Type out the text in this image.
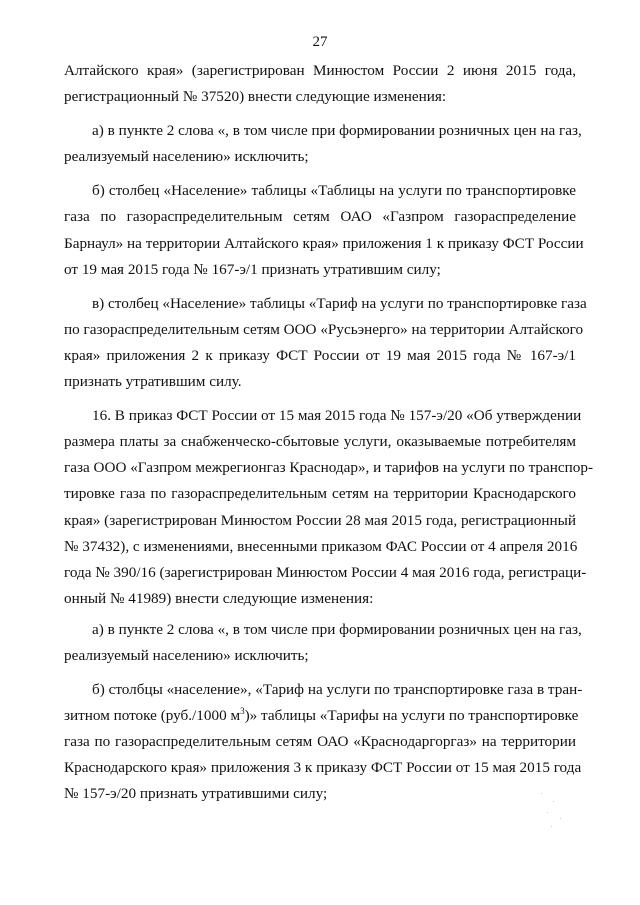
27
Алтайского края» (зарегистрирован Минюстом России 2 июня 2015 года,
регистрационный № 37520) внести следующие изменения:
а) в пункте 2 слова «, в том числе при формировании розничных цен на газ,
реализуемый населению» исключить;
б) столбец «Население» таблицы «Таблицы на услуги по транспортировке
газа по газораспределительным сетям ОАО «Газпром газораспределение
Барнаул» на территории Алтайского края» приложения 1 к приказу ФСТ России
от 19 мая 2015 года № 167-э/1 признать утратившим силу;
в) столбец «Население» таблицы «Тариф на услуги по транспортировке газа
по газораспределительным сетям ООО «Русьэнерго» на территории Алтайского
края» приложения 2 к приказу ФСТ России от 19 мая 2015 года № 167-э/1
признать утратившим силу.
16. В приказ ФСТ России от 15 мая 2015 года № 157-э/20 «Об утверждении
размера платы за снабженческо-сбытовые услуги, оказываемые потребителям
газа ООО «Газпром межрегионгаз Краснодар», и тарифов на услуги по транспор-
тировке газа по газораспределительным сетям на территории Краснодарского
края» (зарегистрирован Минюстом России 28 мая 2015 года, регистрационный
№ 37432), с изменениями, внесенными приказом ФАС России от 4 апреля 2016
года № 390/16 (зарегистрирован Минюстом России 4 мая 2016 года, регистраци-
онный № 41989) внести следующие изменения:
а) в пункте 2 слова «, в том числе при формировании розничных цен на газ,
реализуемый населению» исключить;
б) столбцы «население», «Тариф на услуги по транспортировке газа в тран-
зитном потоке (руб./1000 $м^3$)» таблицы «Тарифы на услуги по транспортировке
газа по газораспределительным сетям ОАО «Краснодаргоргаз» на территории
Краснодарского края» приложения 3 к приказу ФСТ России от 15 мая 2015 года
№ 157-э/20 признать утратившими силу;
